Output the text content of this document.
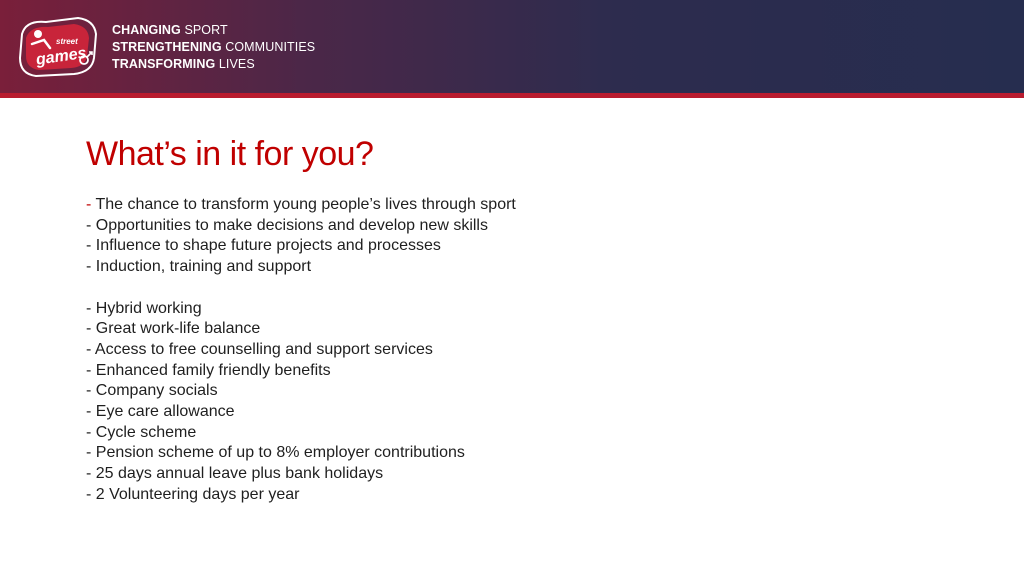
street
games
CHANGING SPORT
STRENGTHENING COMMUNITIES
TRANSFORMING LIVES
What’s in it for you?
- The chance to transform young people’s lives through sport
- Opportunities to make decisions and develop new skills
- Influence to shape future projects and processes
- Induction, training and support
- Hybrid working
- Great work-life balance
- Access to free counselling and support services
- Enhanced family friendly benefits
- Company socials
- Eye care allowance
- Cycle scheme
- Pension scheme of up to 8% employer contributions
- 25 days annual leave plus bank holidays
- 2 Volunteering days per year
